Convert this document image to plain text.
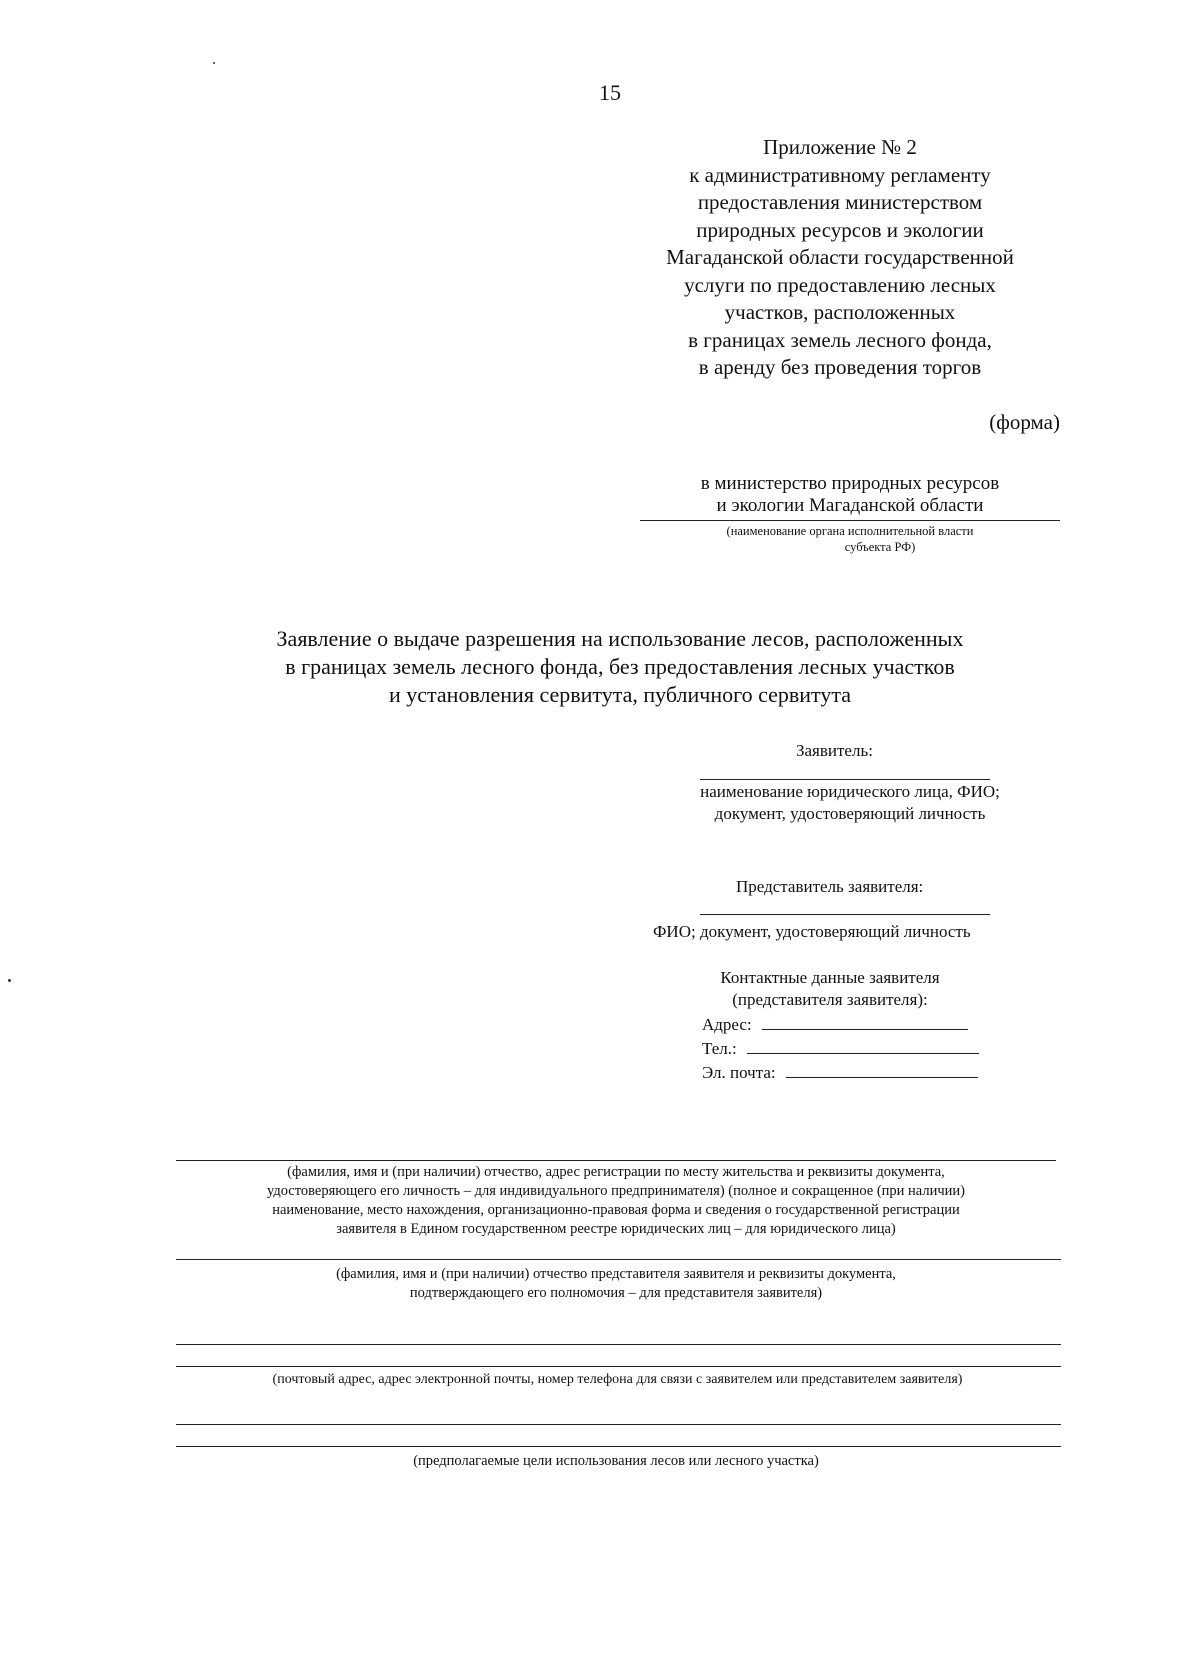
15
Приложение № 2
к административному регламенту
предоставления министерством
природных ресурсов и экологии
Магаданской области государственной
услуги по предоставлению лесных
участков, расположенных
в границах земель лесного фонда,
в аренду без проведения торгов
(форма)
в министерство природных ресурсов
и экологии Магаданской области
(наименование органа исполнительной власти
субъекта РФ)
Заявление о выдаче разрешения на использование лесов, расположенных
в границах земель лесного фонда, без предоставления лесных участков
и установления сервитута, публичного сервитута
Заявитель:
наименование юридического лица, ФИО;
документ, удостоверяющий личность
Представитель заявителя:
ФИО; документ, удостоверяющий личность
Контактные данные заявителя
(представителя заявителя):
Адрес:
Тел.:
Эл. почта:
(фамилия, имя и (при наличии) отчество, адрес регистрации по месту жительства и реквизиты документа,
удостоверяющего его личность – для индивидуального предпринимателя) (полное и сокращенное (при наличии)
наименование, место нахождения, организационно-правовая форма и сведения о государственной регистрации
заявителя в Едином государственном реестре юридических лиц – для юридического лица)
(фамилия, имя и (при наличии) отчество представителя заявителя и реквизиты документа,
подтверждающего его полномочия – для представителя заявителя)
(почтовый адрес, адрес электронной почты, номер телефона для связи с заявителем или представителем заявителя)
(предполагаемые цели использования лесов или лесного участка)
